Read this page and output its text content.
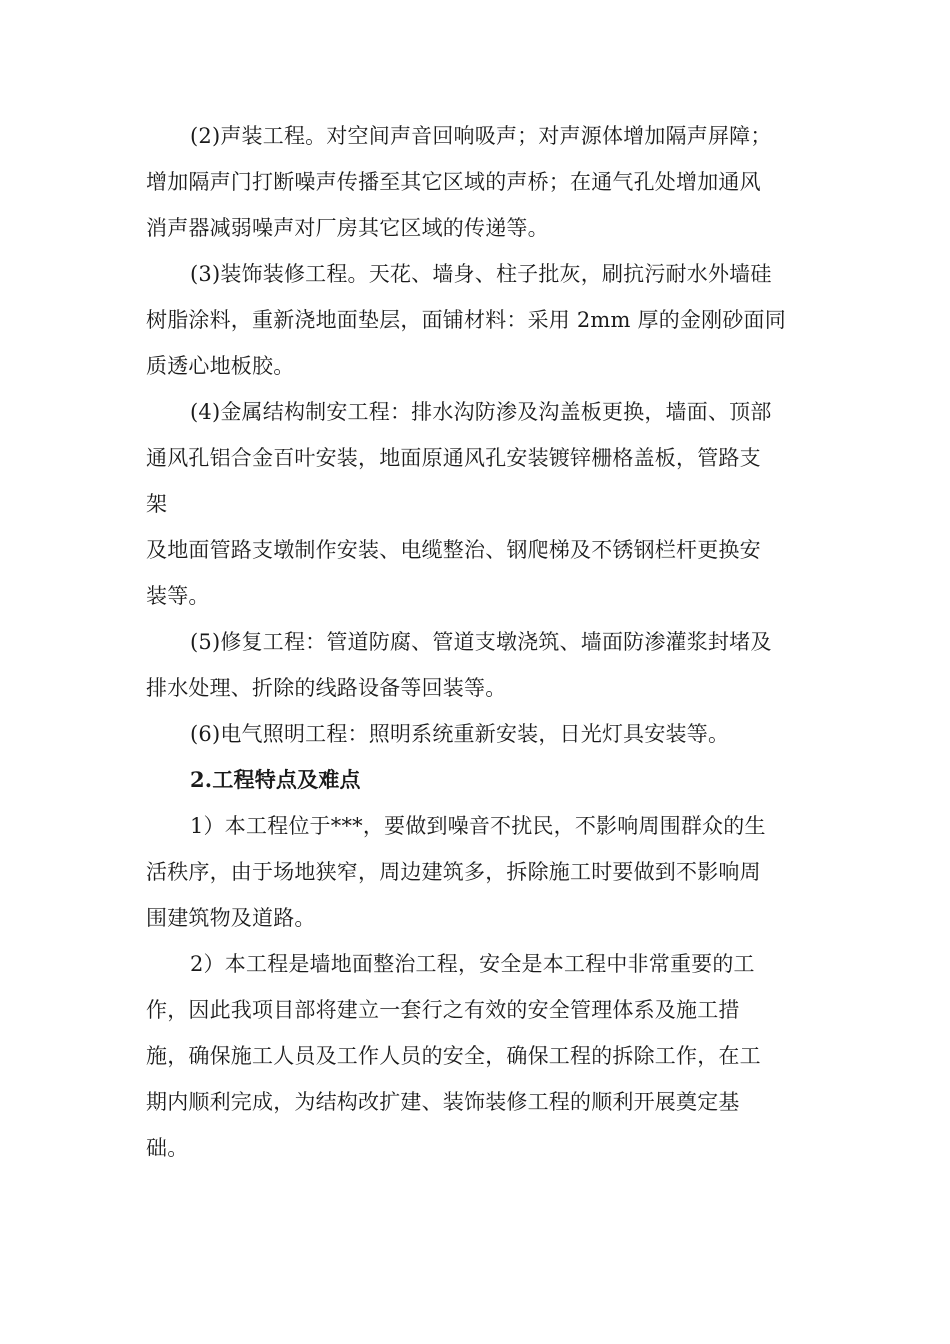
(2)声装工程。对空间声音回响吸声；对声源体增加隔声屏障；
增加隔声门打断噪声传播至其它区域的声桥；在通气孔处增加通风
消声器减弱噪声对厂房其它区域的传递等。
(3)装饰装修工程。天花、墙身、柱子批灰，刷抗污耐水外墙硅
树脂涂料，重新浇地面垫层，面铺材料：采用 2mm 厚的金刚砂面同
质透心地板胶。
(4)金属结构制安工程：排水沟防渗及沟盖板更换，墙面、顶部
通风孔铝合金百叶安装，地面原通风孔安装镀锌栅格盖板，管路支
架
及地面管路支墩制作安装、电缆整治、钢爬梯及不锈钢栏杆更换安
装等。
(5)修复工程：管道防腐、管道支墩浇筑、墙面防渗灌浆封堵及
排水处理、折除的线路设备等回装等。
(6)电气照明工程：照明系统重新安装，日光灯具安装等。
2.工程特点及难点
1）本工程位于***，要做到噪音不扰民，不影响周围群众的生
活秩序，由于场地狭窄，周边建筑多，拆除施工时要做到不影响周
围建筑物及道路。
2）本工程是墙地面整治工程，安全是本工程中非常重要的工
作，因此我项目部将建立一套行之有效的安全管理体系及施工措
施，确保施工人员及工作人员的安全，确保工程的拆除工作，在工
期内顺利完成，为结构改扩建、装饰装修工程的顺利开展奠定基
础。
